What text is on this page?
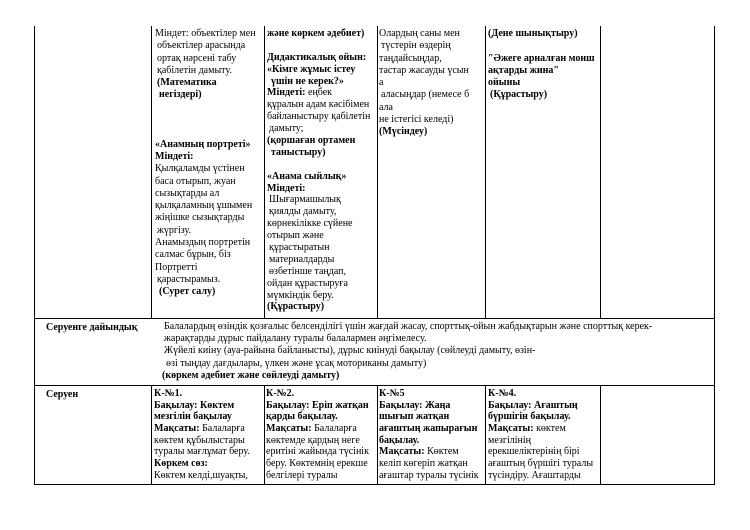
Міндет: объектілер мен
объектілер арасында
ортақ нәрсені табу
қабілетін дамыту.
(Математика
негіздері)
«Анамның портреті»
Міндеті:
Қылқаламды үстінен
баса отырып, жуан
сызықтарды ал
қылқаламның ұшымен
жіңішке сызықтарды
жүргізу.
Анамыздың портретін
салмас бұрын, біз
Портретті
қарастырамыз.
(Сурет салу)
және көркем әдебиет)
Дидактикалық ойын:
«Кімге жұмыс істеу
үшін не керек?»
Міндеті: еңбек
құралын адам кәсібімен
байланыстыру қабілетін
дамыту;
(қоршаған ортамен
таныстыру)
«Анама сыйлық»
Міндеті:
Шығармашылық
қиялды дамыту,
көрнекілікке сүйене
отырып және
құрастыратын
материалдарды
өзбетінше таңдап,
ойдан құрастыруға
мүмкіндік беру.
(Құрастыру)
Олардың саны мен
түстерін өздерің
таңдайсыңдар,
тастар жасауды үсын
а
аласыңдар (немесе б
ала
не істегісі келеді)
(Мүсіндеу)
(Дене шынықтыру)
"Әжеге арналған монш
ақтарды жина"
ойыны
(Құрастыру)
Серуенге дайындық	Балалардың өзіндік қозғалыс белсенділігі үшін жағдай жасау, спорттық-ойын жабдықтарын және спорттық керек-
жарақтарды дұрыс пайдалану туралы балалармен әңгімелесу.
Жүйелі киіну (ауа-райына байланысты), дұрыс киінуді бақылау (сөйлеуді дамыту, өзін-
өзі тыңдау дағдылары, үлкен және ұсақ моториканы дамыту)
(көркем әдебиет және сөйлеуді дамыту)
Серуен	К-№1.
Бақылау: Көктем
мезгілін бақылау
Мақсаты: Балаларға
көктем құбылыстары
туралы мағлұмат беру.
Көркем сөз:
Көктем келді,шуақты,
К-№2.
Бақылау: Еріп жатқан
қарды бақылау.
Мақсаты: Балаларға
көктемде қардың неге
еритіні жайында түсінік
беру. Көктемнің ерекше
белгілері туралы
К-№5
Бақылау: Жаңа
шығып жатқан
ағаштың жапырағын
бақылау.
Мақсаты: Көктем
келіп көгеріп жатқан
ағаштар туралы түсінік
К-№4.
Бақылау: Ағаштың
бүршігін бақылау.
Мақсаты: көктем
мезгілінің
ерекшеліктерінің бірі
ағаштың бүршігі туралы
түсіндіру. Ағаштарды
